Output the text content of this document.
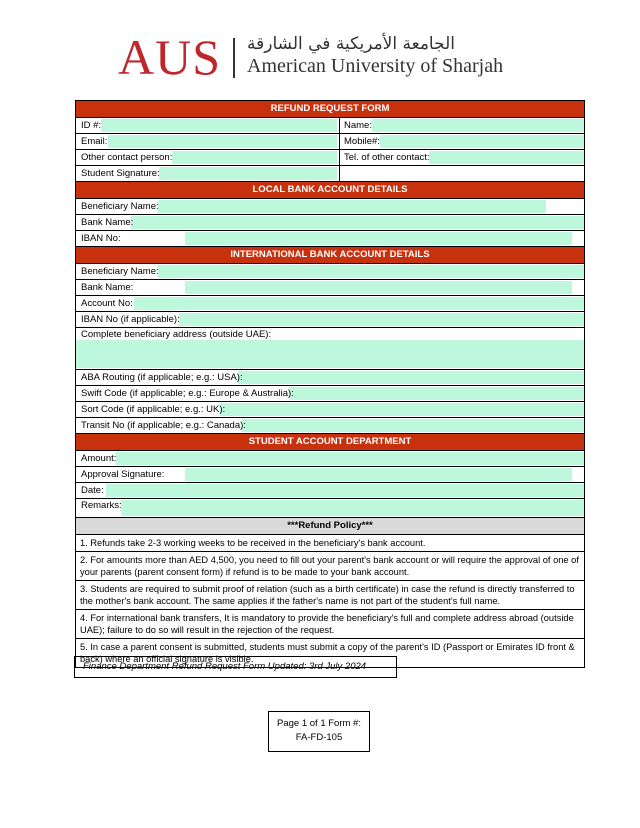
AUS الجامعة الأمريكية في الشارقة
American University of Sharjah
REFUND REQUEST FORM
ID #:	Name:
Email:	Mobile#:
Other contact person:	Tel. of other contact:
Student Signature:
LOCAL BANK ACCOUNT DETAILS
Beneficiary Name:
Bank Name:
IBAN No:
INTERNATIONAL BANK ACCOUNT DETAILS
Beneficiary Name:
Bank Name:
Account No:
IBAN No (if applicable):
Complete beneficiary address (outside UAE):
ABA Routing (if applicable; e.g.: USA):
Swift Code (if applicable; e.g.: Europe & Australia):
Sort Code (if applicable; e.g.: UK):
Transit No (if applicable; e.g.: Canada):
STUDENT ACCOUNT DEPARTMENT
Amount:
Approval Signature:
Date:
Remarks:
***Refund Policy***
1. Refunds take 2-3 working weeks to be received in the beneficiary's bank account.
2. For amounts more than AED 4,500, you need to fill out your parent's bank account or will require the approval of one of your parents (parent consent form) if refund is to be made to your bank account.
3. Students are required to submit proof of relation (such as a birth certificate) in case the refund is directly transferred to the mother's bank account. The same applies if the father's name is not part of the student's full name.
4. For international bank transfers, It is mandatory to provide the beneficiary's full and complete address abroad (outside UAE); failure to do so will result in the rejection of the request.
5. In case a parent consent is submitted, students must submit a copy of the parent's ID (Passport or Emirates ID front & back) where an official signature is visible.
Finance Department Refund Request Form Updated: 3rd July 2024
Page 1 of 1 Form #:
FA-FD-105
